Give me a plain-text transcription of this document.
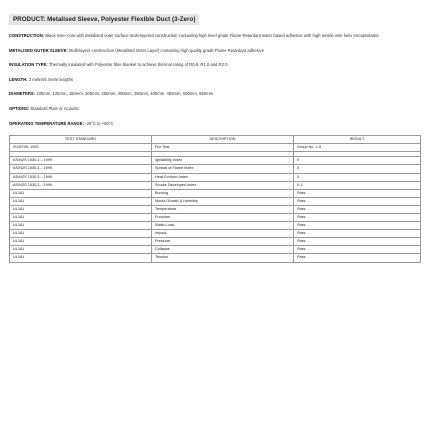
PRODUCT: Metalised Sleeve, Polyester Flexible Duct (3-Zero)

CONSTRUCTION: Black inner core with Metalised outer surface multi-layered construction containing high level grade Flame Retardant water based adhesive with high tensile wire helix encapsulated.

METALISED OUTER SLEEVE: Multi-layers construction (Metalised Outer Layer) containing high quality grade Flame Retardant adhesive

INSULATION TYPE: Thermally insulated with Polyester fibre blanket to achieve thermal rating of R0.6, R1.0 and R2.0

LENGTH: 3 metre/6 metre lengths

DIAMETERS: 100mm, 125mm, 150mm, 200mm, 250mm, 300mm, 350mm, 400mm, 450mm, 500mm, 550mm

OPTIONS: Standard Plain or Acoustic

OPERATING TEMPERATURE RANGE: -20°C to +80°C

TEST STANDARD	DESCRIPTION	RESULT
ISO5705: 1993	Fire Test	Group No. 1-5

AS/NZS 1530.3 – 1999	Ignitability Index	0
AS/NZS 1530.3 – 1999	Spread of Flame Index	0
AS/NZS 1530.3 – 1999	Heat Evolved Index	0
AS/NZS 1530.3 – 1999	Smoke Developed Index	0-1
UL181	Burning	Pass
UL181	Mould Growth & Humidity	Pass
UL181	Temperature	Pass
UL181	Puncture	Pass
UL181	Static Load	Pass
UL181	Impact	Pass
UL181	Pressure	Pass
UL181	Collapse	Pass
UL181	Tension	Pass
